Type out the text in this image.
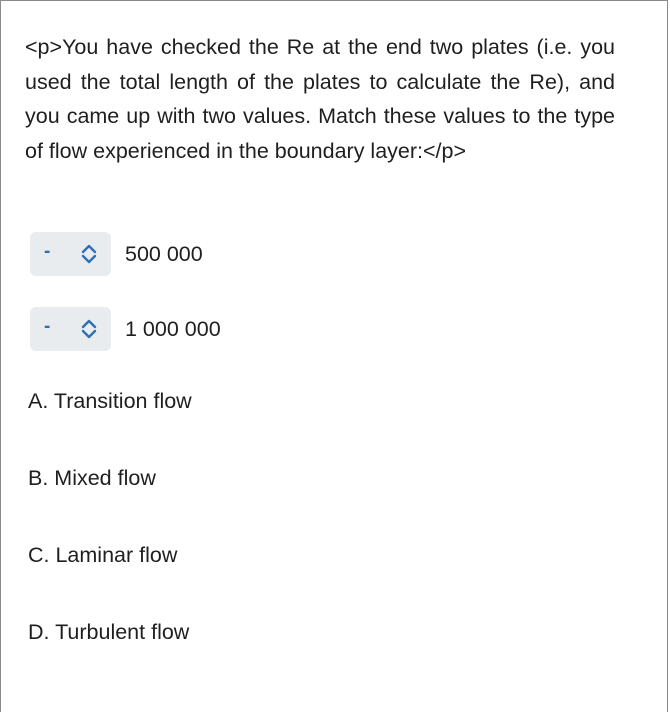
<p>You have checked the Re at the end two plates (i.e. you used the total length of the plates to calculate the Re), and you came up with two values. Match these values to the type of flow experienced in the boundary layer:</p>

-	500 000
-	1 000 000
A. Transition flow
B. Mixed flow
C. Laminar flow
D. Turbulent flow
